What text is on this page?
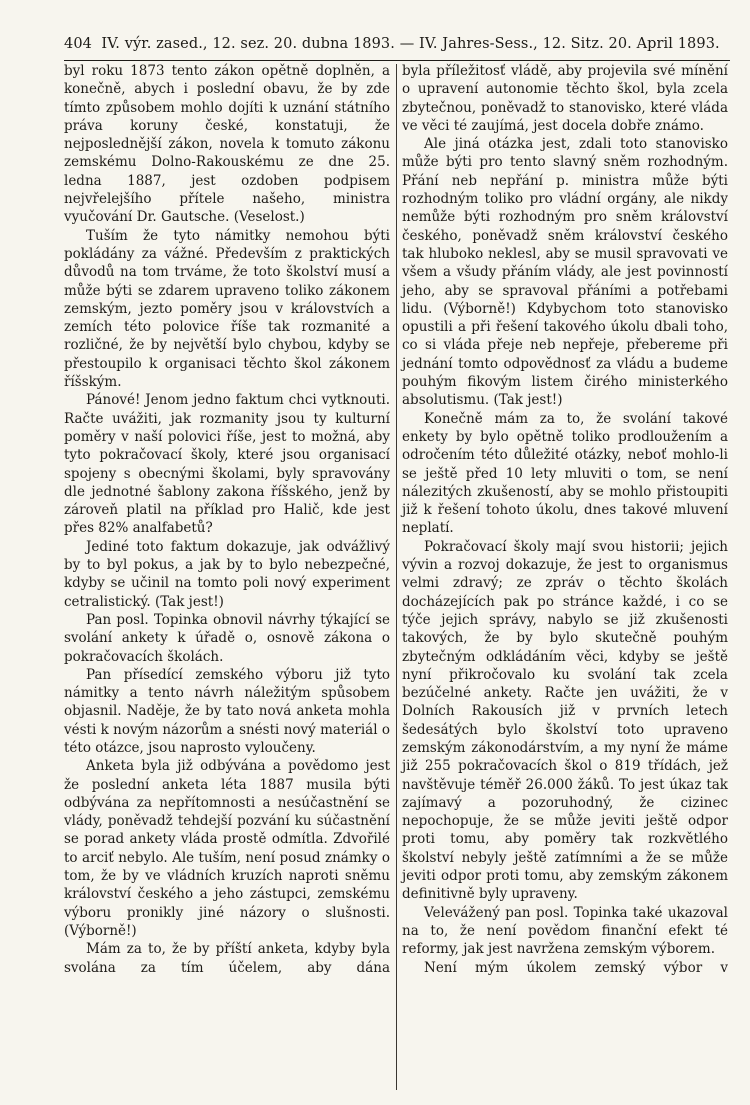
404 IV. výr. zased., 12. sez. 20. dubna 1893. — IV. Jahres-Sess., 12. Sitz. 20. April 1893.

byl roku 1873 tento zákon opětně doplněn, a konečně, abych i poslední obavu, že by zde tímto způsobem mohlo dojíti k uznání státního práva koruny české, konstatuji, že nejposlednější zákon, novela k tomuto zákonu zemskému Dolno-Rakouskému ze dne 25. ledna 1887, jest ozdoben podpisem nejvřelejšího přítele našeho, ministra vyučování Dr. Gautsche. (Veselost.)

Tuším že tyto námitky nemohou býti pokládány za vážné. Především z praktických důvodů na tom trváme, že toto školství musí a může býti se zdarem upraveno toliko zákonem zemským, jezto poměry jsou v královstvích a zemích této polovice říše tak rozmanité a rozličné, že by největší bylo chybou, kdyby se přestoupilo k organisaci těchto škol zákonem říšským.

Pánové! Jenom jedno faktum chci vytknouti. Račte uvážiti, jak rozmanity jsou ty kulturní poměry v naší polovici říše, jest to možná, aby tyto pokračovací školy, které jsou organisací spojeny s obecnými školami, byly spravovány dle jednotné šablony zakona říšského, jenž by zároveň platil na příklad pro Halič, kde jest přes 82% analfabetů?

Jediné toto faktum dokazuje, jak odvážlivý by to byl pokus, a jak by to bylo nebezpečné, kdyby se učinil na tomto poli nový experiment cetralistický. (Tak jest!)

Pan posl. Topinka obnovil návrhy týkající se svolání ankety k úřadě o, osnově zákona o pokračovacích školách.

Pan přísedící zemského výboru již tyto námitky a tento návrh náležitým spůsobem objasnil. Naděje, že by tato nová anketa mohla vésti k novým názorům a snésti nový materiál o této otázce, jsou naprosto vyloučeny.

Anketa byla již odbývána a povědomo jest že poslední anketa léta 1887 musila býti odbývána za nepřítomnosti a nesúčastnění se vlády, poněvadž tehdejší pozvání ku súčastnění se porad ankety vláda prostě odmítla. Zdvořilé to arciť nebylo. Ale tuším, není posud známky o tom, že by ve vládních kruzích naproti sněmu království českého a jeho zástupci, zemskému výboru pronikly jiné názory o slušnosti. (Výborně!)

Mám za to, že by příští anketa, kdyby byla svolána za tím účelem, aby dána

byla příležitosť vládě, aby projevila své mínění o upravení autonomie těchto škol, byla zcela zbytečnou, poněvadž to stanovisko, které vláda ve věci té zaujímá, jest docela dobře známo.

Ale jiná otázka jest, zdali toto stanovisko může býti pro tento slavný sněm rozhodným. Přání neb nepřání p. ministra může býti rozhodným toliko pro vládní orgány, ale nikdy nemůže býti rozhodným pro sněm království českého, poněvadž sněm království českého tak hluboko neklesl, aby se musil spravovati ve všem a všudy přáním vlády, ale jest povinností jeho, aby se spravoval přáními a potřebami lidu. (Výborně!) Kdybychom toto stanovisko opustili a při řešení takového úkolu dbali toho, co si vláda přeje neb nepřeje, přebereme při jednání tomto odpovědnosť za vládu a budeme pouhým fikovým listem čirého ministerkého absolutismu. (Tak jest!)

Konečně mám za to, že svolání takové enkety by bylo opětně toliko prodloužením a odročením této důležité otázky, neboť mohlo-li se ještě před 10 lety mluviti o tom, se není nálezitých zkušeností, aby se mohlo přistoupiti již k řešení tohoto úkolu, dnes takové mluvení neplatí.

Pokračovací školy mají svou historii; jejich vývin a rozvoj dokazuje, že jest to organismus velmi zdravý; ze zpráv o těchto školách docházejících pak po stránce každé, i co se týče jejich správy, nabylo se již zkušenosti takových, že by bylo skutečně pouhým zbytečným odkládáním věci, kdyby se ještě nyní přikročovalo ku svolání tak zcela bezúčelné ankety. Račte jen uvážiti, že v Dolních Rakousích již v prvních letech šedesátých bylo školství toto upraveno zemským zákonodárstvím, a my nyní že máme již 255 pokračovacích škol o 819 třídách, jež navštěvuje téměř 26.000 žáků. To jest úkaz tak zajímavý a pozoruhodný, že cizinec nepochopuje, že se může jeviti ještě odpor proti tomu, aby poměry tak rozkvětlého školství nebyly ještě zatímními a že se může jeviti odpor proti tomu, aby zemským zákonem definitivně byly upraveny.

Velevážený pan posl. Topinka také ukazoval na to, že není povědom finanční efekt té reformy, jak jest navržena zemským výborem.

Není mým úkolem zemský výbor v
